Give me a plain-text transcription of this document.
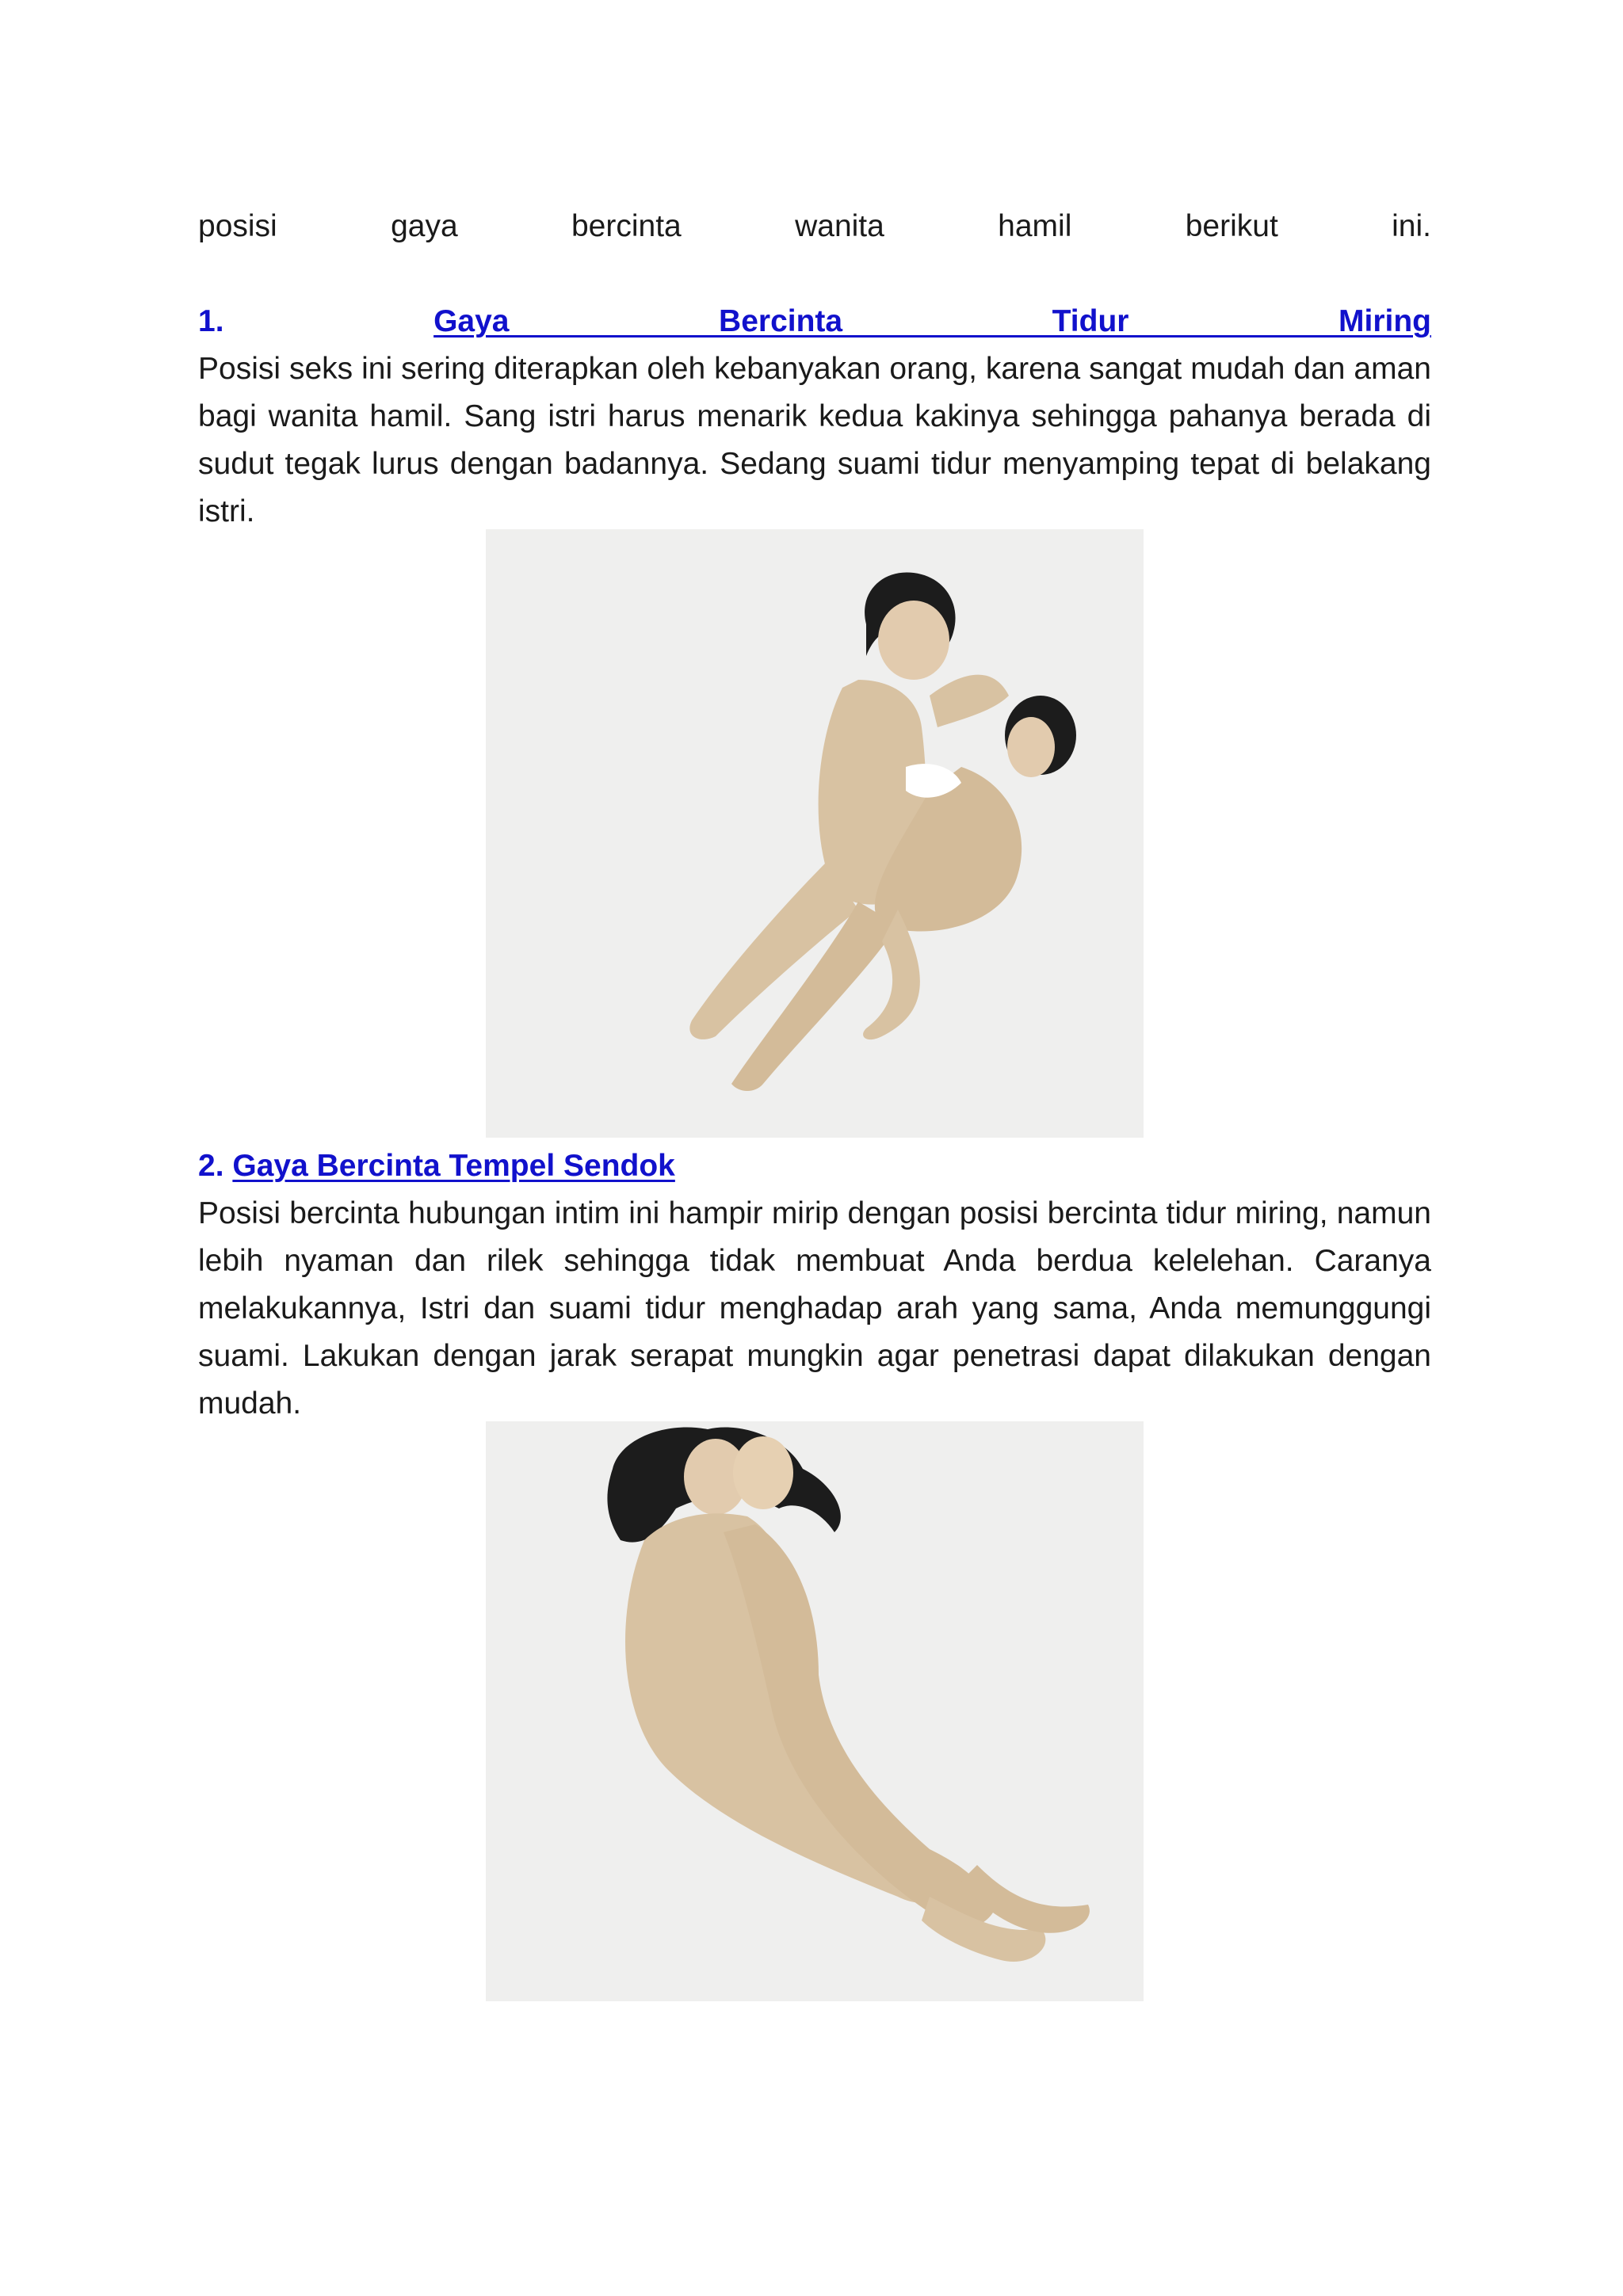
posisi gaya bercinta wanita hamil berikut ini.

1.	Gaya Bercinta Tidur Miring

Posisi seks ini sering diterapkan oleh kebanyakan orang, karena sangat mudah dan aman bagi wanita hamil. Sang istri harus menarik kedua kakinya sehingga pahanya berada di sudut tegak lurus dengan badannya. Sedang suami tidur menyamping tepat di belakang istri.

2. Gaya Bercinta Tempel Sendok

Posisi bercinta hubungan intim ini hampir mirip dengan posisi bercinta tidur miring, namun lebih nyaman dan rilek sehingga tidak membuat Anda berdua kelelehan. Caranya melakukannya, Istri dan suami tidur menghadap arah yang sama, Anda memunggungi suami. Lakukan dengan jarak serapat mungkin agar penetrasi dapat dilakukan dengan mudah.
